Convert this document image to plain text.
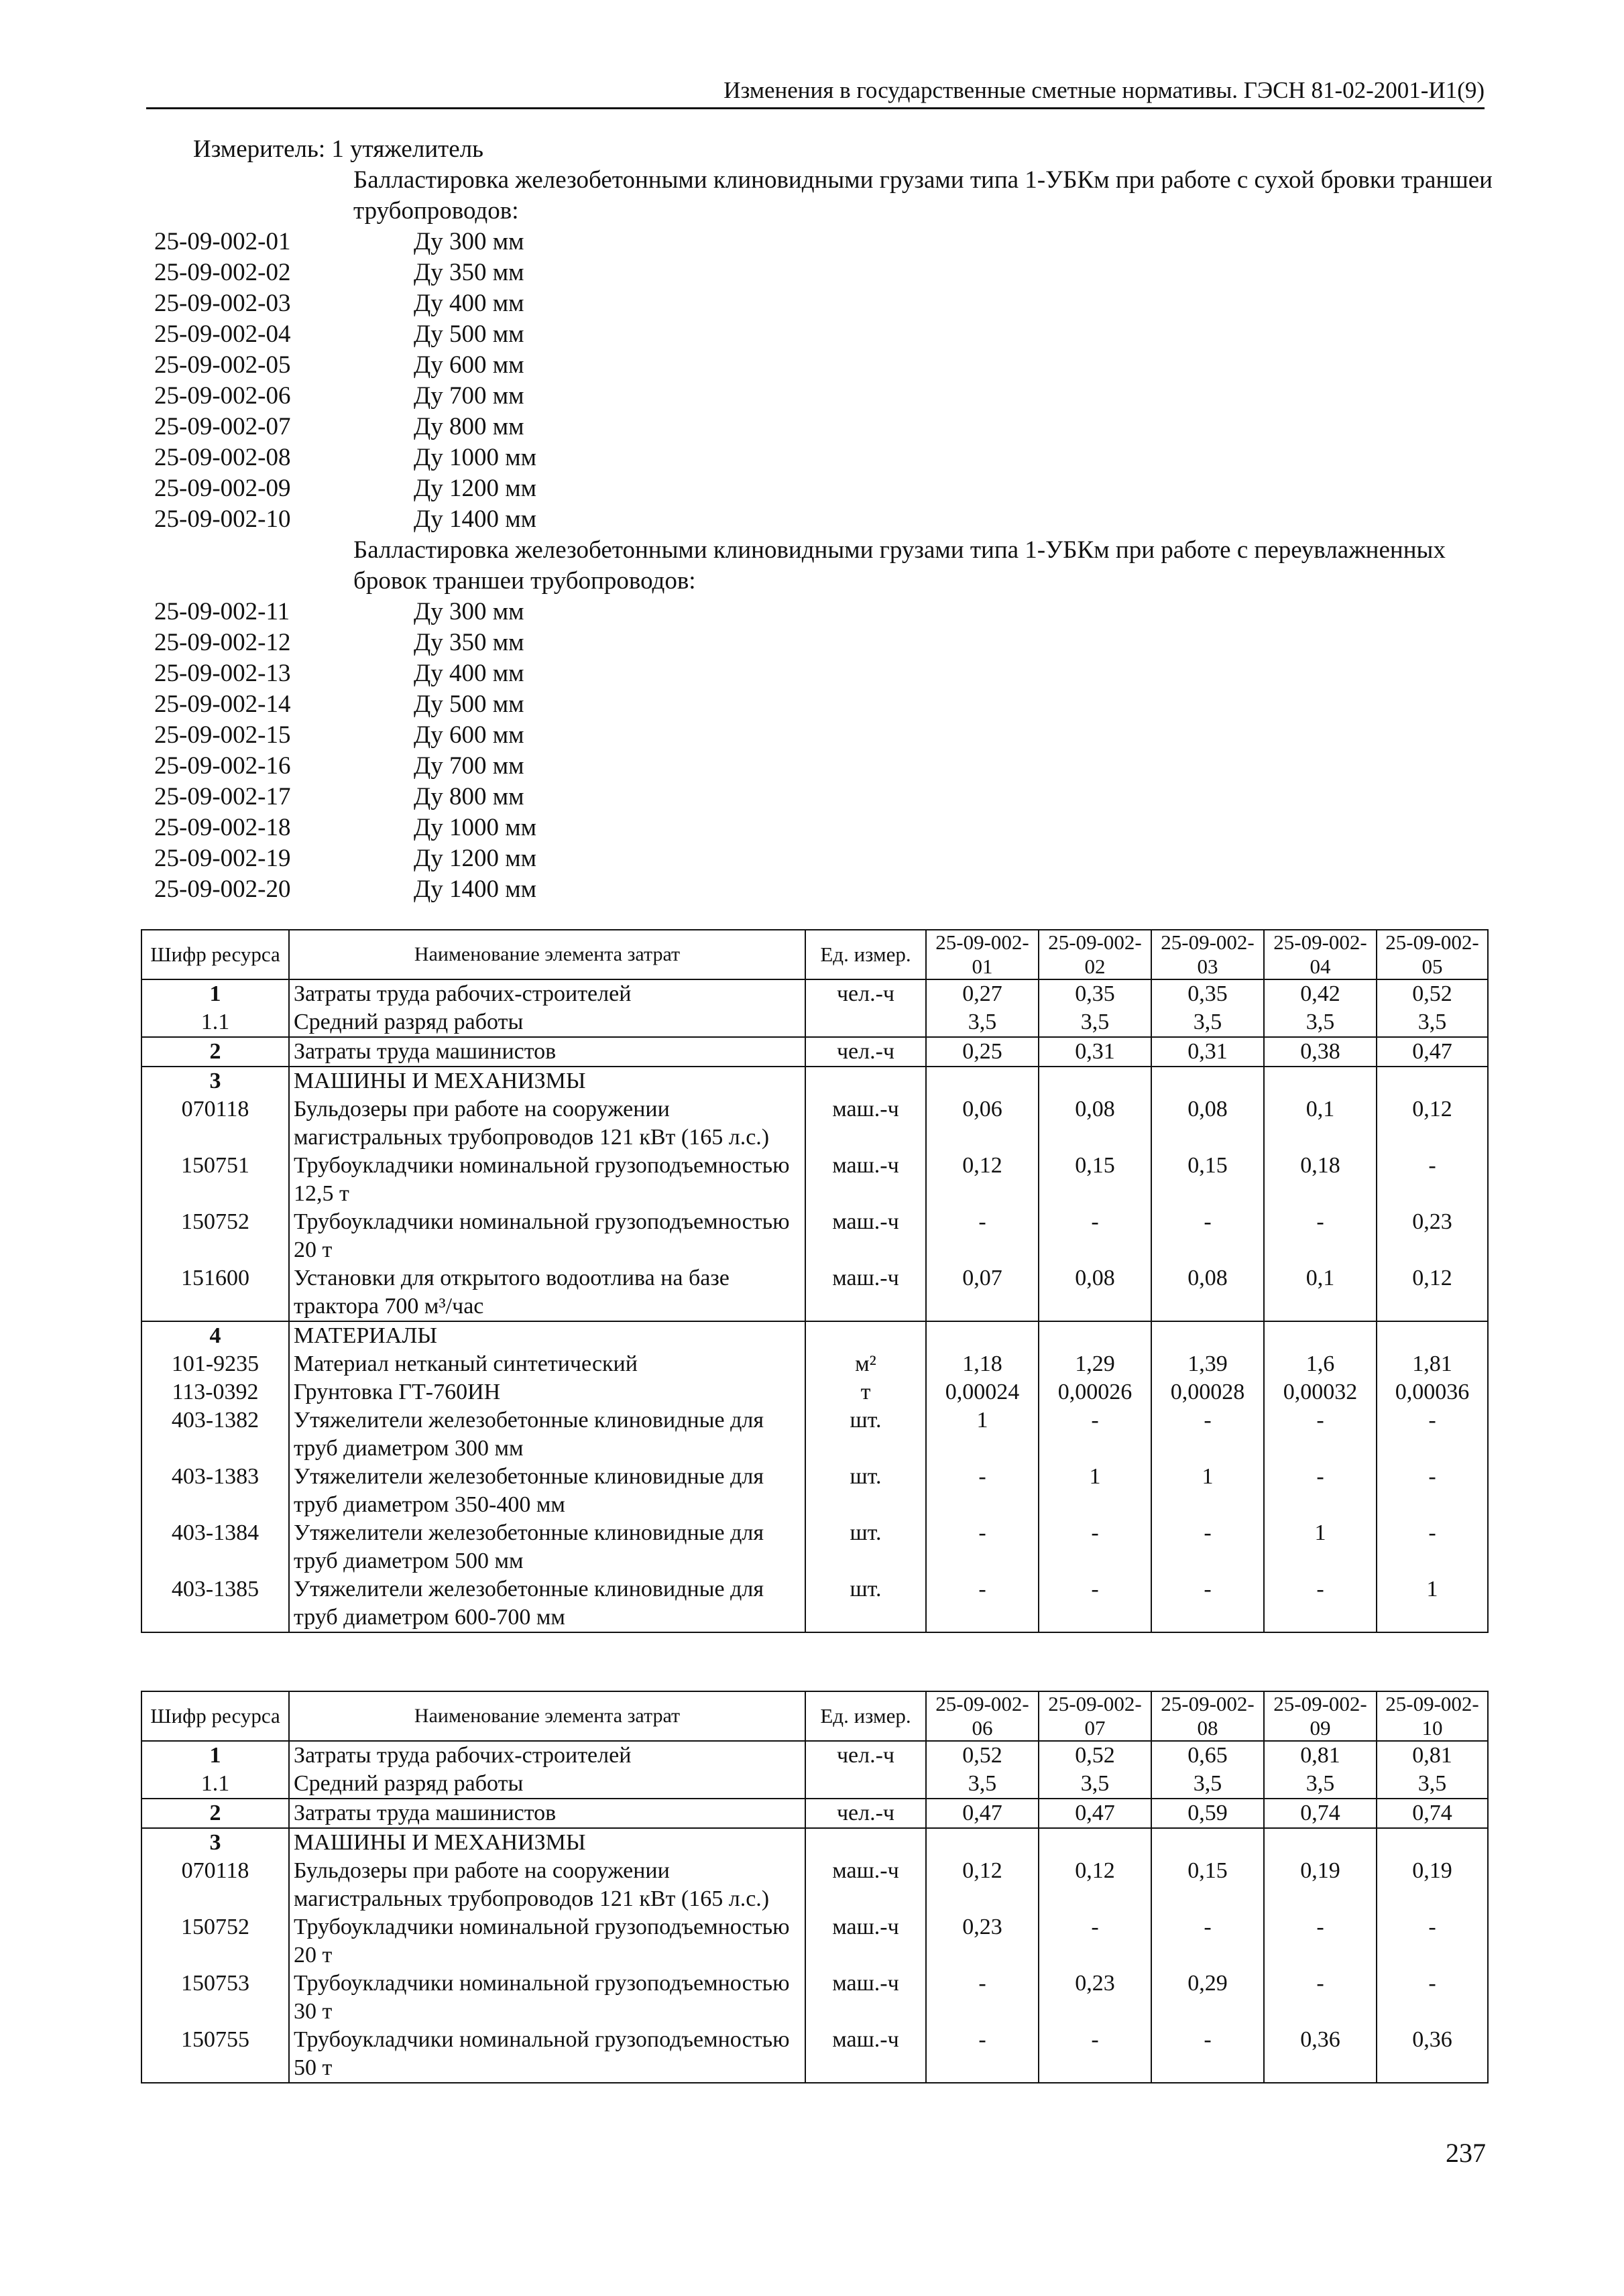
Изменения в государственные сметные нормативы. ГЭСН 81-02-2001-И1(9)
Измеритель: 1 утяжелитель
Балластировка железобетонными клиновидными грузами типа 1-УБКм при работе с сухой бровки траншеи трубопроводов:
25-09-002-01	Ду 300 мм
25-09-002-02	Ду 350 мм
25-09-002-03	Ду 400 мм
25-09-002-04	Ду 500 мм
25-09-002-05	Ду 600 мм
25-09-002-06	Ду 700 мм
25-09-002-07	Ду 800 мм
25-09-002-08	Ду 1000 мм
25-09-002-09	Ду 1200 мм
25-09-002-10	Ду 1400 мм
Балластировка железобетонными клиновидными грузами типа 1-УБКм при работе с переувлажненных бровок траншеи трубопроводов:
25-09-002-11	Ду 300 мм
25-09-002-12	Ду 350 мм
25-09-002-13	Ду 400 мм
25-09-002-14	Ду 500 мм
25-09-002-15	Ду 600 мм
25-09-002-16	Ду 700 мм
25-09-002-17	Ду 800 мм
25-09-002-18	Ду 1000 мм
25-09-002-19	Ду 1200 мм
25-09-002-20	Ду 1400 мм
Шифр ресурса	Наименование элемента затрат	Ед. измер.	25-09-002-01	25-09-002-02	25-09-002-03	25-09-002-04	25-09-002-05
1	Затраты труда рабочих-строителей	чел.-ч	0,27	0,35	0,35	0,42	0,52
1.1	Средний разряд работы		3,5	3,5	3,5	3,5	3,5
2	Затраты труда машинистов	чел.-ч	0,25	0,31	0,31	0,38	0,47
3	МАШИНЫ И МЕХАНИЗМЫ						
070118	Бульдозеры при работе на сооружении магистральных трубопроводов 121 кВт (165 л.с.)	маш.-ч	0,06	0,08	0,08	0,1	0,12
150751	Трубоукладчики номинальной грузоподъемностью 12,5 т	маш.-ч	0,12	0,15	0,15	0,18	-
150752	Трубоукладчики номинальной грузоподъемностью 20 т	маш.-ч	-	-	-	-	0,23
151600	Установки для открытого водоотлива на базе трактора 700 м³/час	маш.-ч	0,07	0,08	0,08	0,1	0,12
4	МАТЕРИАЛЫ						
101-9235	Материал нетканый синтетический	м²	1,18	1,29	1,39	1,6	1,81
113-0392	Грунтовка ГТ-760ИН	т	0,00024	0,00026	0,00028	0,00032	0,00036
403-1382	Утяжелители железобетонные клиновидные для труб диаметром 300 мм	шт.	1	-	-	-	-
403-1383	Утяжелители железобетонные клиновидные для труб диаметром 350-400 мм	шт.	-	1	1	-	-
403-1384	Утяжелители железобетонные клиновидные для труб диаметром 500 мм	шт.	-	-	-	1	-
403-1385	Утяжелители железобетонные клиновидные для труб диаметром 600-700 мм	шт.	-	-	-	-	1
Шифр ресурса	Наименование элемента затрат	Ед. измер.	25-09-002-06	25-09-002-07	25-09-002-08	25-09-002-09	25-09-002-10
1	Затраты труда рабочих-строителей	чел.-ч	0,52	0,52	0,65	0,81	0,81
1.1	Средний разряд работы		3,5	3,5	3,5	3,5	3,5
2	Затраты труда машинистов	чел.-ч	0,47	0,47	0,59	0,74	0,74
3	МАШИНЫ И МЕХАНИЗМЫ						
070118	Бульдозеры при работе на сооружении магистральных трубопроводов 121 кВт (165 л.с.)	маш.-ч	0,12	0,12	0,15	0,19	0,19
150752	Трубоукладчики номинальной грузоподъемностью 20 т	маш.-ч	0,23	-	-	-	-
150753	Трубоукладчики номинальной грузоподъемностью 30 т	маш.-ч	-	0,23	0,29	-	-
150755	Трубоукладчики номинальной грузоподъемностью 50 т	маш.-ч	-	-	-	0,36	0,36
237
